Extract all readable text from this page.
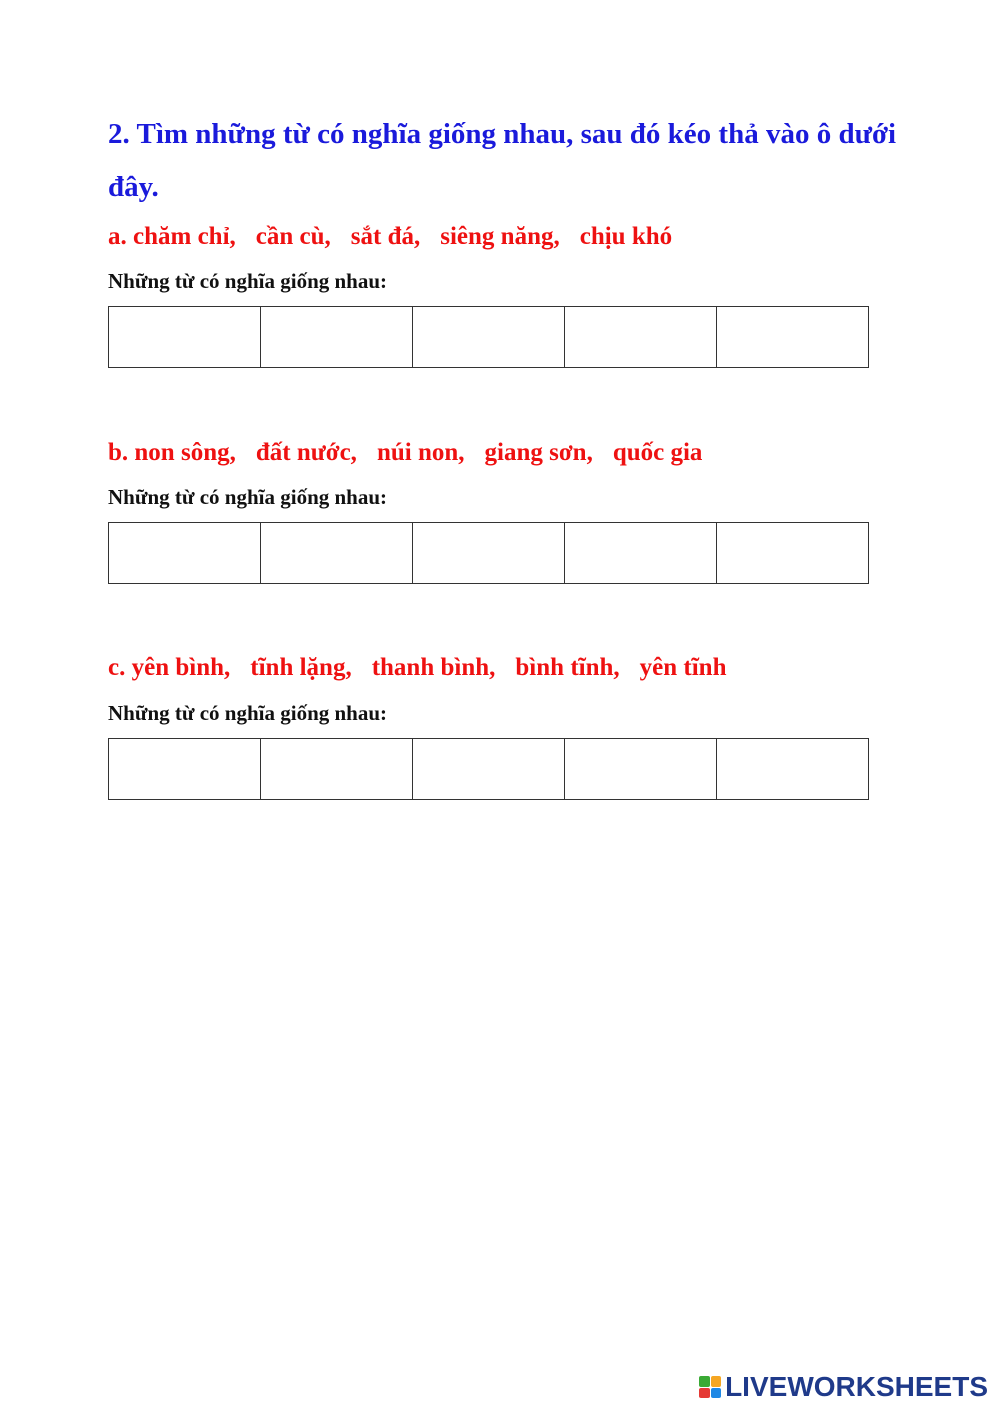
2. Tìm những từ có nghĩa giống nhau, sau đó kéo thả vào ô dưới đây.

a. chăm chỉ, cần cù, sắt đá, siêng năng, chịu khó

Những từ có nghĩa giống nhau:

b. non sông, đất nước, núi non, giang sơn, quốc gia

Những từ có nghĩa giống nhau:

c. yên bình, tĩnh lặng, thanh bình, bình tĩnh, yên tĩnh

Những từ có nghĩa giống nhau:

LIVEWORKSHEETS
